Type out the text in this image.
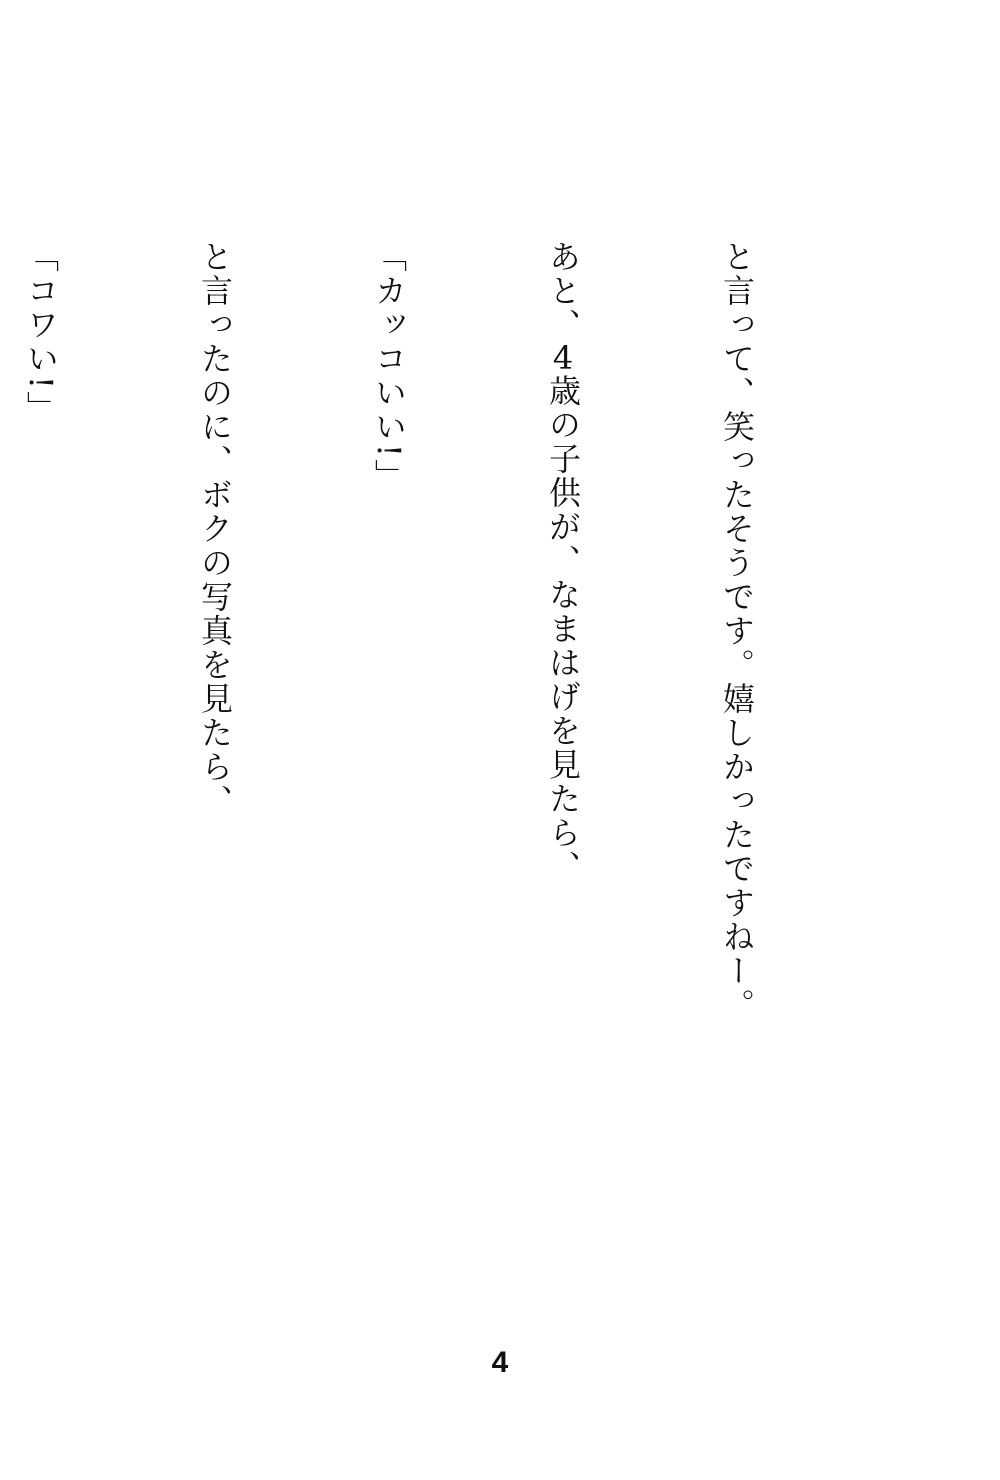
と言って、笑ったそうです。嬉しかったですねー。

あと、4歳の子供が、なまはげを見たら、

「カッコいい!」

と言ったのに、ボクの写真を見たら、

「コワい!」

4
